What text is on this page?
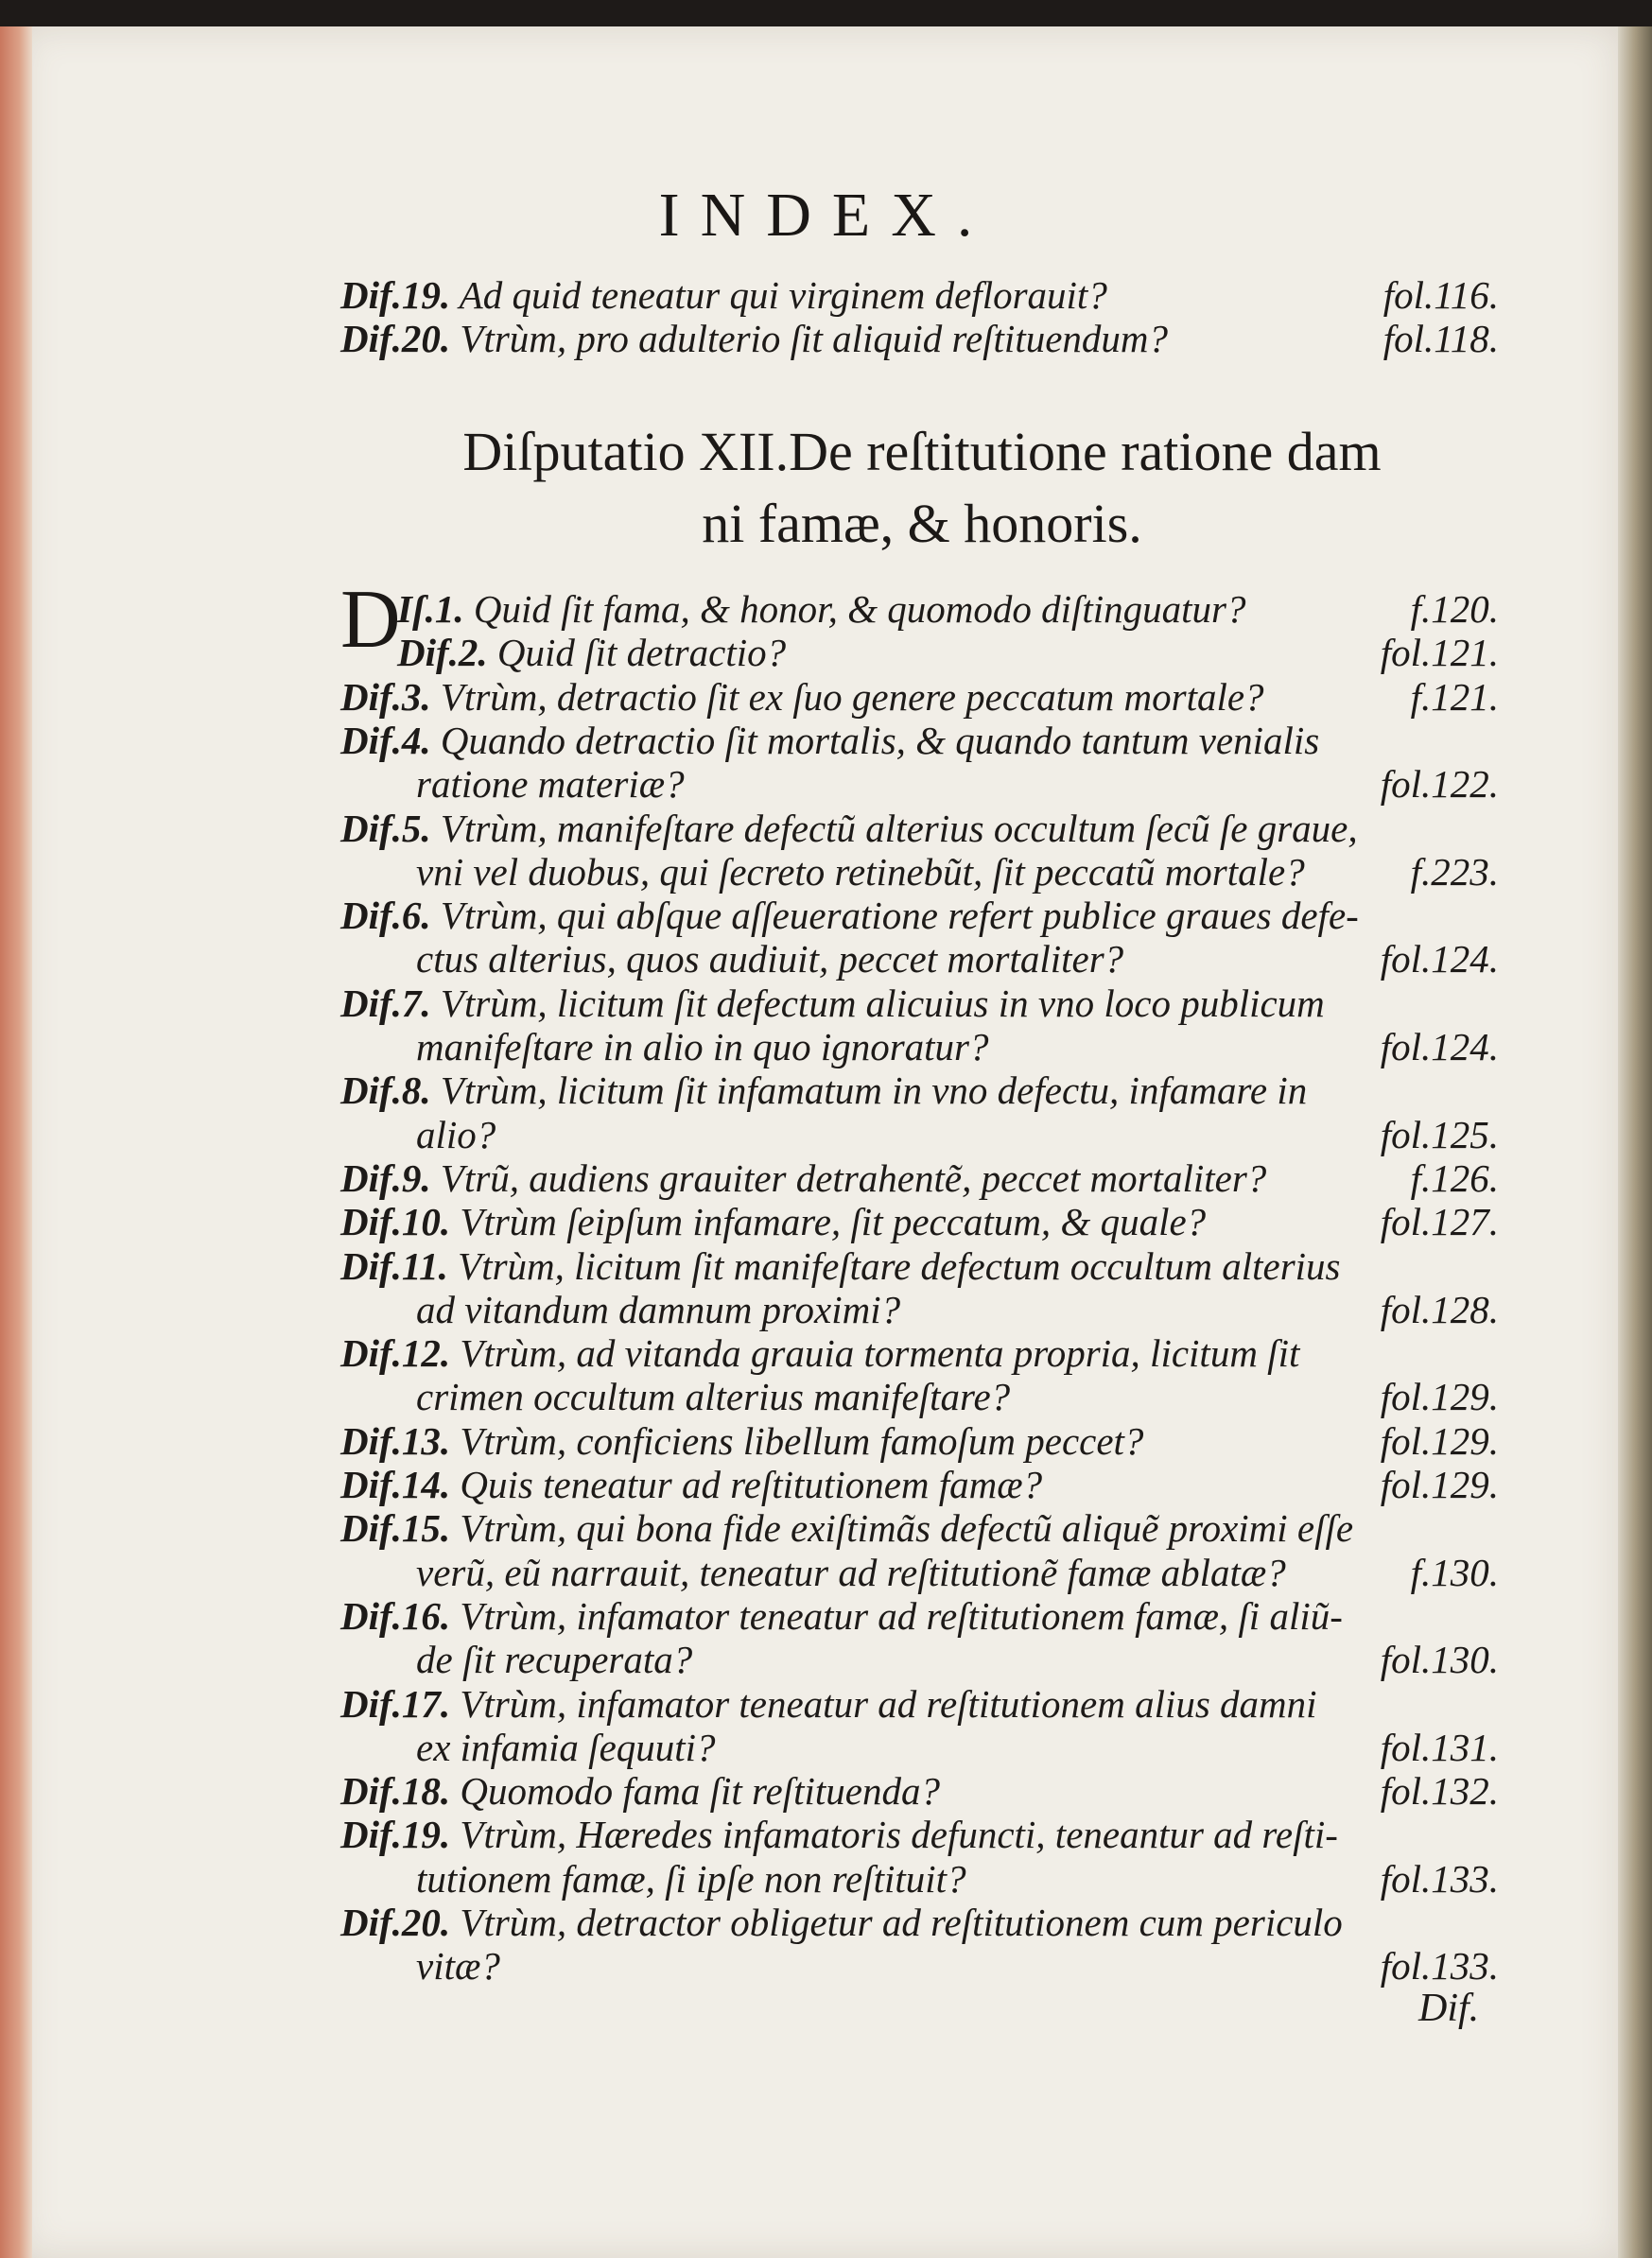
INDEX.
Dif.19. Ad quid teneatur qui virginem deflorauit?	fol.116.
Dif.20. Vtrùm, pro adulterio ſit aliquid reſtituendum?	fol.118.
Diſputatio XII.De reſtitutione ratione dam
ni famæ, & honoris.
D
Iſ.1. Quid ſit fama, & honor, & quomodo diſtinguatur?	f.120.
Dif.2. Quid ſit detractio?	fol.121.
Dif.3. Vtrùm, detractio ſit ex ſuo genere peccatum mortale?	f.121.
Dif.4. Quando detractio ſit mortalis, & quando tantum venialis
ratione materiæ?	fol.122.
Dif.5. Vtrùm, manifeſtare defectũ alterius occultum ſecũ ſe graue,
vni vel duobus, qui ſecreto retinebũt, ſit peccatũ mortale?	f.223.
Dif.6. Vtrùm, qui abſque aſſeueratione refert publice graues defe-
ctus alterius, quos audiuit, peccet mortaliter?	fol.124.
Dif.7. Vtrùm, licitum ſit defectum alicuius in vno loco publicum
manifeſtare in alio in quo ignoratur?	fol.124.
Dif.8. Vtrùm, licitum ſit infamatum in vno defectu, infamare in
alio?	fol.125.
Dif.9. Vtrũ, audiens grauiter detrahentẽ, peccet mortaliter?	f.126.
Dif.10. Vtrùm ſeipſum infamare, ſit peccatum, & quale?	fol.127.
Dif.11. Vtrùm, licitum ſit manifeſtare defectum occultum alterius
ad vitandum damnum proximi?	fol.128.
Dif.12. Vtrùm, ad vitanda grauia tormenta propria, licitum ſit
crimen occultum alterius manifeſtare?	fol.129.
Dif.13. Vtrùm, conficiens libellum famoſum peccet?	fol.129.
Dif.14. Quis teneatur ad reſtitutionem famæ?	fol.129.
Dif.15. Vtrùm, qui bona fide exiſtimãs defectũ aliquẽ proximi eſſe
verũ, eũ narrauit, teneatur ad reſtitutionẽ famæ ablatæ?	f.130.
Dif.16. Vtrùm, infamator teneatur ad reſtitutionem famæ, ſi aliũ-
de ſit recuperata?	fol.130.
Dif.17. Vtrùm, infamator teneatur ad reſtitutionem alius damni
ex infamia ſequuti?	fol.131.
Dif.18. Quomodo fama ſit reſtituenda?	fol.132.
Dif.19. Vtrùm, Hæredes infamatoris defuncti, teneantur ad reſti-
tutionem famæ, ſi ipſe non reſtituit?	fol.133.
Dif.20. Vtrùm, detractor obligetur ad reſtitutionem cum periculo
vitæ?	fol.133.
Dif.
